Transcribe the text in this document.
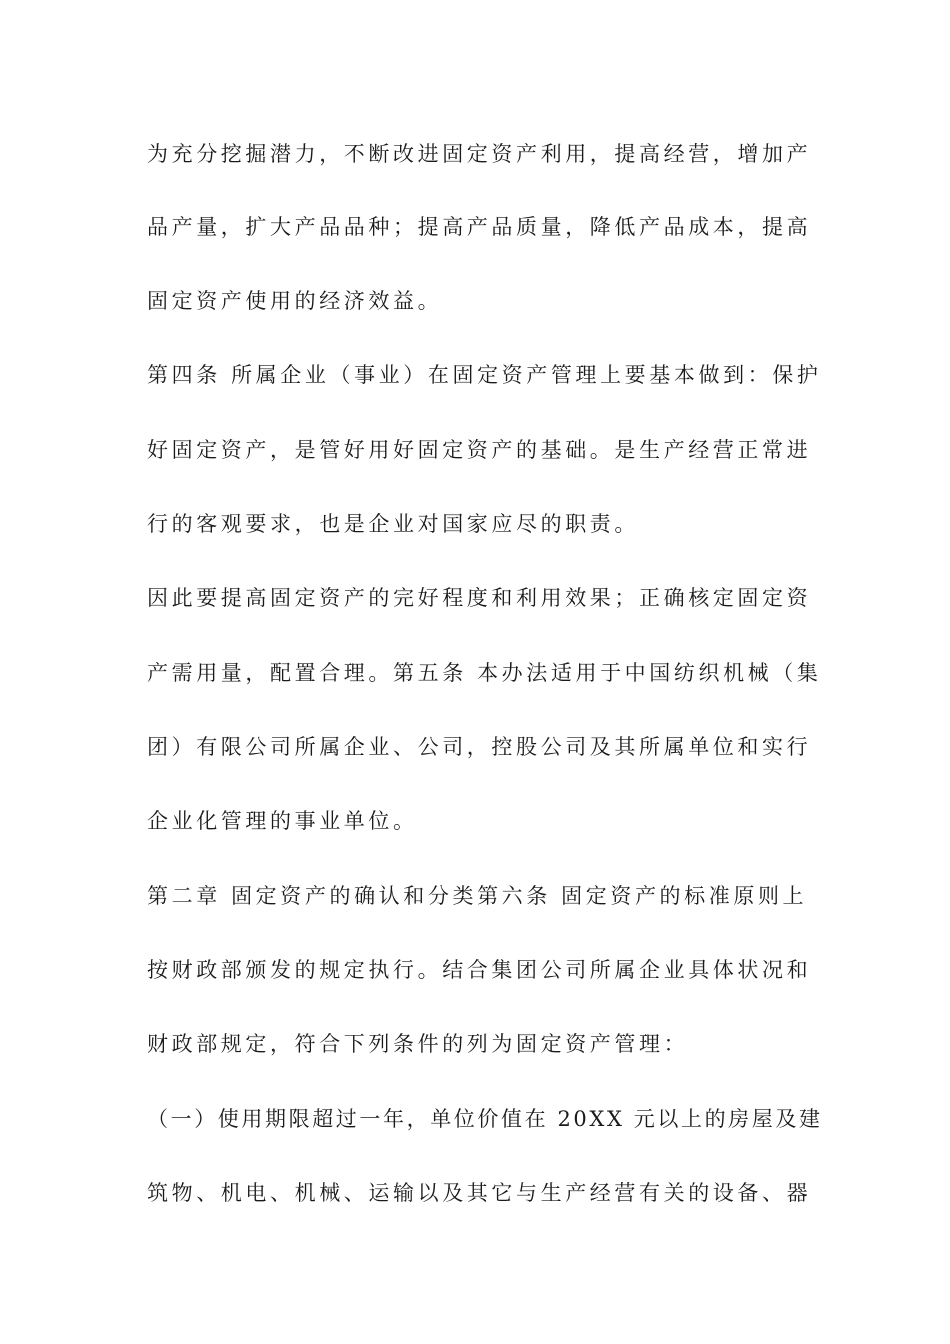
为充分挖掘潜力，不断改进固定资产利用，提高经营，增加产
品产量，扩大产品品种；提高产品质量，降低产品成本，提高
固定资产使用的经济效益。
第四条 所属企业（事业）在固定资产管理上要基本做到：保护
好固定资产，是管好用好固定资产的基础。是生产经营正常进
行的客观要求，也是企业对国家应尽的职责。
因此要提高固定资产的完好程度和利用效果；正确核定固定资
产需用量，配置合理。第五条 本办法适用于中国纺织机械（集
团）有限公司所属企业、公司，控股公司及其所属单位和实行
企业化管理的事业单位。
第二章 固定资产的确认和分类第六条 固定资产的标准原则上
按财政部颁发的规定执行。结合集团公司所属企业具体状况和
财政部规定，符合下列条件的列为固定资产管理：
（一）使用期限超过一年，单位价值在 20XX 元以上的房屋及建
筑物、机电、机械、运输以及其它与生产经营有关的设备、器
